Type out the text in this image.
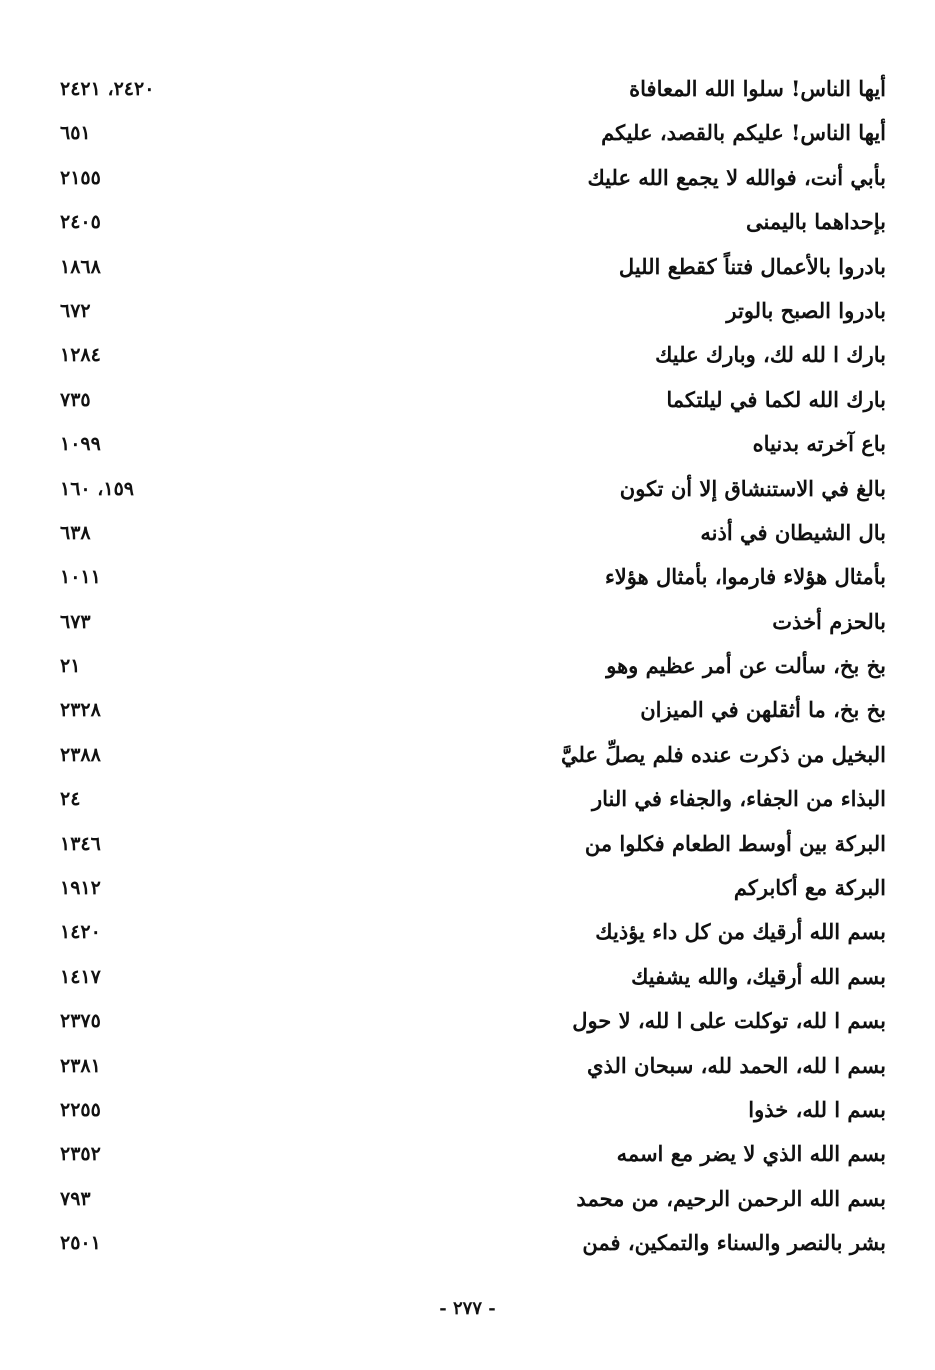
أيها الناس! سلوا الله المعافاة
٢٤٢٠، ٢٤٢١
أيها الناس! عليكم بالقصد، عليكم
٦٥١
بأبي أنت، فوالله لا يجمع الله عليك
٢١٥٥
بإحداهما باليمنى
٢٤٠٥
بادروا بالأعمال فتناً كقطع الليل
١٨٦٨
بادروا الصبح بالوتر
٦٧٢
بارك ا لله لك، وبارك عليك
١٢٨٤
بارك الله لكما في ليلتكما
٧٣٥
باع آخرته بدنياه
١٠٩٩
بالغ في الاستنشاق إلا أن تكون
١٥٩، ١٦٠
بال الشيطان في أذنه
٦٣٨
بأمثال هؤلاء فارموا، بأمثال هؤلاء
١٠١١
بالحزم أخذت
٦٧٣
بخ بخ، سألت عن أمر عظيم وهو
٢١
بخ بخ، ما أثقلهن في الميزان
٢٣٢٨
البخيل من ذكرت عنده فلم يصلِّ عليَّ
٢٣٨٨
البذاء من الجفاء، والجفاء في النار
٢٤
البركة بين أوسط الطعام فكلوا من
١٣٤٦
البركة مع أكابركم
١٩١٢
بسم الله أرقيك من كل داء يؤذيك
١٤٢٠
بسم الله أرقيك، والله يشفيك
١٤١٧
بسم ا لله، توكلت على ا لله، لا حول
٢٣٧٥
بسم ا لله، الحمد لله، سبحان الذي
٢٣٨١
بسم ا لله، خذوا
٢٢٥٥
بسم الله الذي لا يضر مع اسمه
٢٣٥٢
بسم الله الرحمن الرحيم، من محمد
٧٩٣
بشر بالنصر والسناء والتمكين، فمن
٢٥٠١
- ٢٧٧ -
